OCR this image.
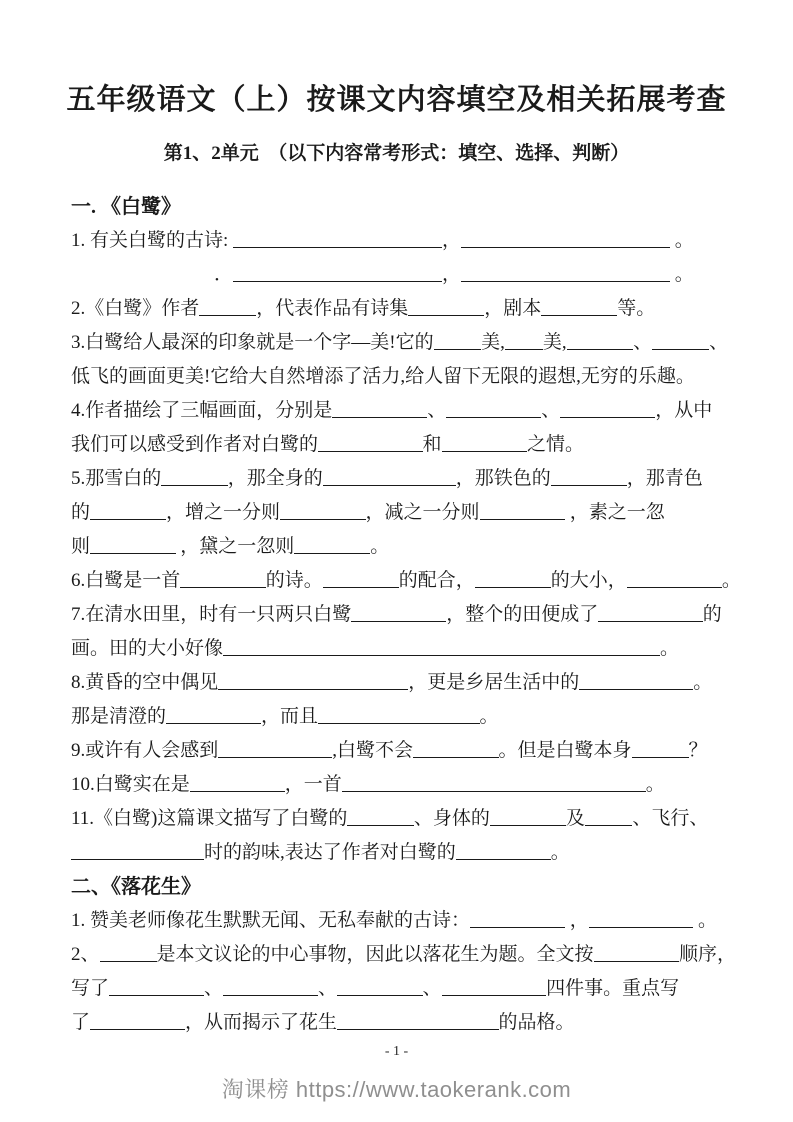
五年级语文（上）按课文内容填空及相关拓展考查
第1、2单元　（以下内容常考形式：填空、选择、判断）
一. 《白鹭》
1. 有关白鹭的古诗:	，	。
．	，	。
2.《白鹭》作者	，代表作品有诗集	，剧本	等。
3.白鹭给人最深的印象就是一个字—美!它的	美, 美,	、	、
低飞的画面更美!它给大自然增添了活力,给人留下无限的遐想,无穷的乐趣。
4.作者描绘了三幅画面，分别是	、	、	，从中
我们可以感受到作者对白鹭的	和	之情。
5.那雪白的	，那全身的	，那铁色的	，那青色
的	，增之一分则	，减之一分则	，素之一忽
则	，黛之一忽则	。
6.白鹭是一首	的诗。	的配合，	的大小，	。
7.在清水田里，时有一只两只白鹭	，整个的田便成了	的
画。田的大小好像	。
8.黄昏的空中偶见	，更是乡居生活中的	。
那是清澄的	，而且	。
9.或许有人会感到	,白鹭不会	。但是白鹭本身	？
10.白鹭实在是	，一首	。
11.《白鹭)这篇课文描写了白鹭的	、身体的	及	、飞行、
时的韵味,表达了作者对白鹭的	。
二、《落花生》
1. 赞美老师像花生默默无闻、无私奉献的古诗：	，	。
2、	是本文议论的中心事物，因此以落花生为题。全文按	顺序，
写了	、	、	、	四件事。重点写
了	，从而揭示了花生	的品格。
- 1 -
淘课榜 https://www.taokerank.com
